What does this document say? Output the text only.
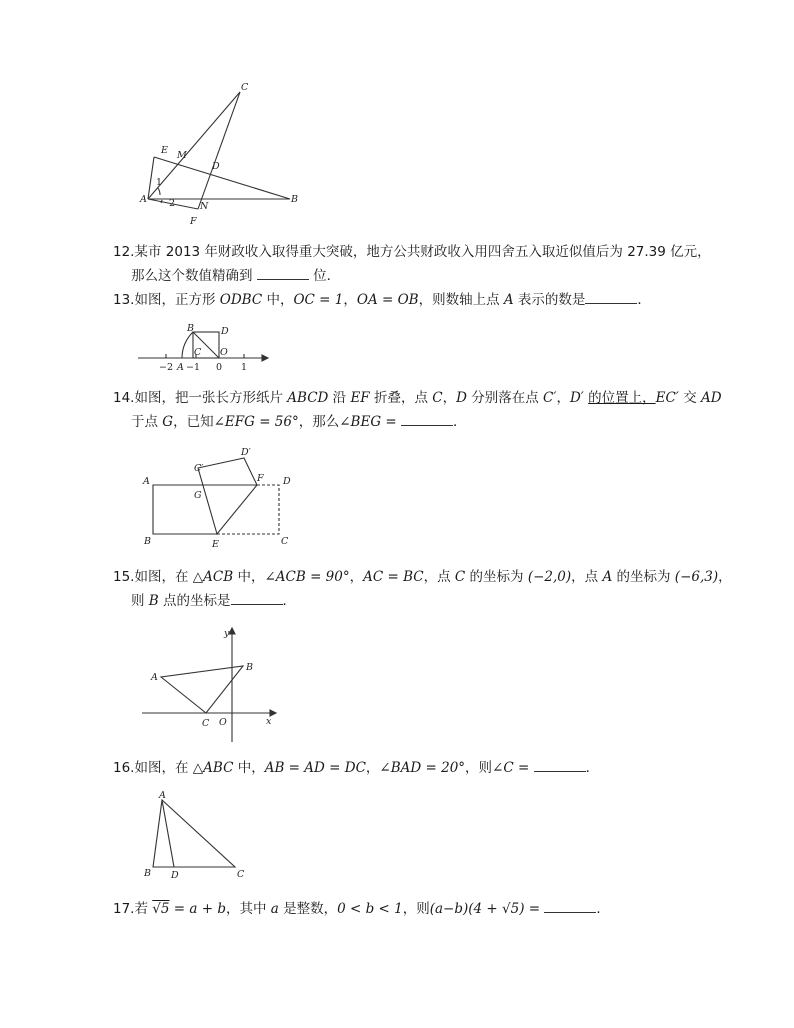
C
E M
D
A
N
B
F
1
2
12.某市 2013 年财政收入取得重大突破，地方公共财政收入用四舍五入取近似值后为 27.39 亿元，
那么这个数值精确到	位．
13.如图，正方形 ODBC 中，OC = 1，OA = OB，则数轴上点 A 表示的数是	．
B	D
C O
−2 A −1 0 1
14.如图，把一张长方形纸片 ABCD 沿 EF 折叠，点 C，D 分别落在点 C′，D′ 的位置上，EC′ 交 AD
于点 G，已知∠EFG = 56°，那么∠BEG =	．
D′
C′
F D
A
G
B	E	C
15.如图，在 △ACB 中，∠ACB = 90°，AC = BC，点 C 的坐标为 (−2,0)，点 A 的坐标为 (−6,3)，
则 B 点的坐标是	．
y
B
A
C O	x
16.如图，在 △ABC 中，AB = AD = DC，∠BAD = 20°，则∠C =	．
A
B D	C
17.若 √5 = a + b，其中 a 是整数，0 < b < 1，则(a−b)(4 + √5) =	．
